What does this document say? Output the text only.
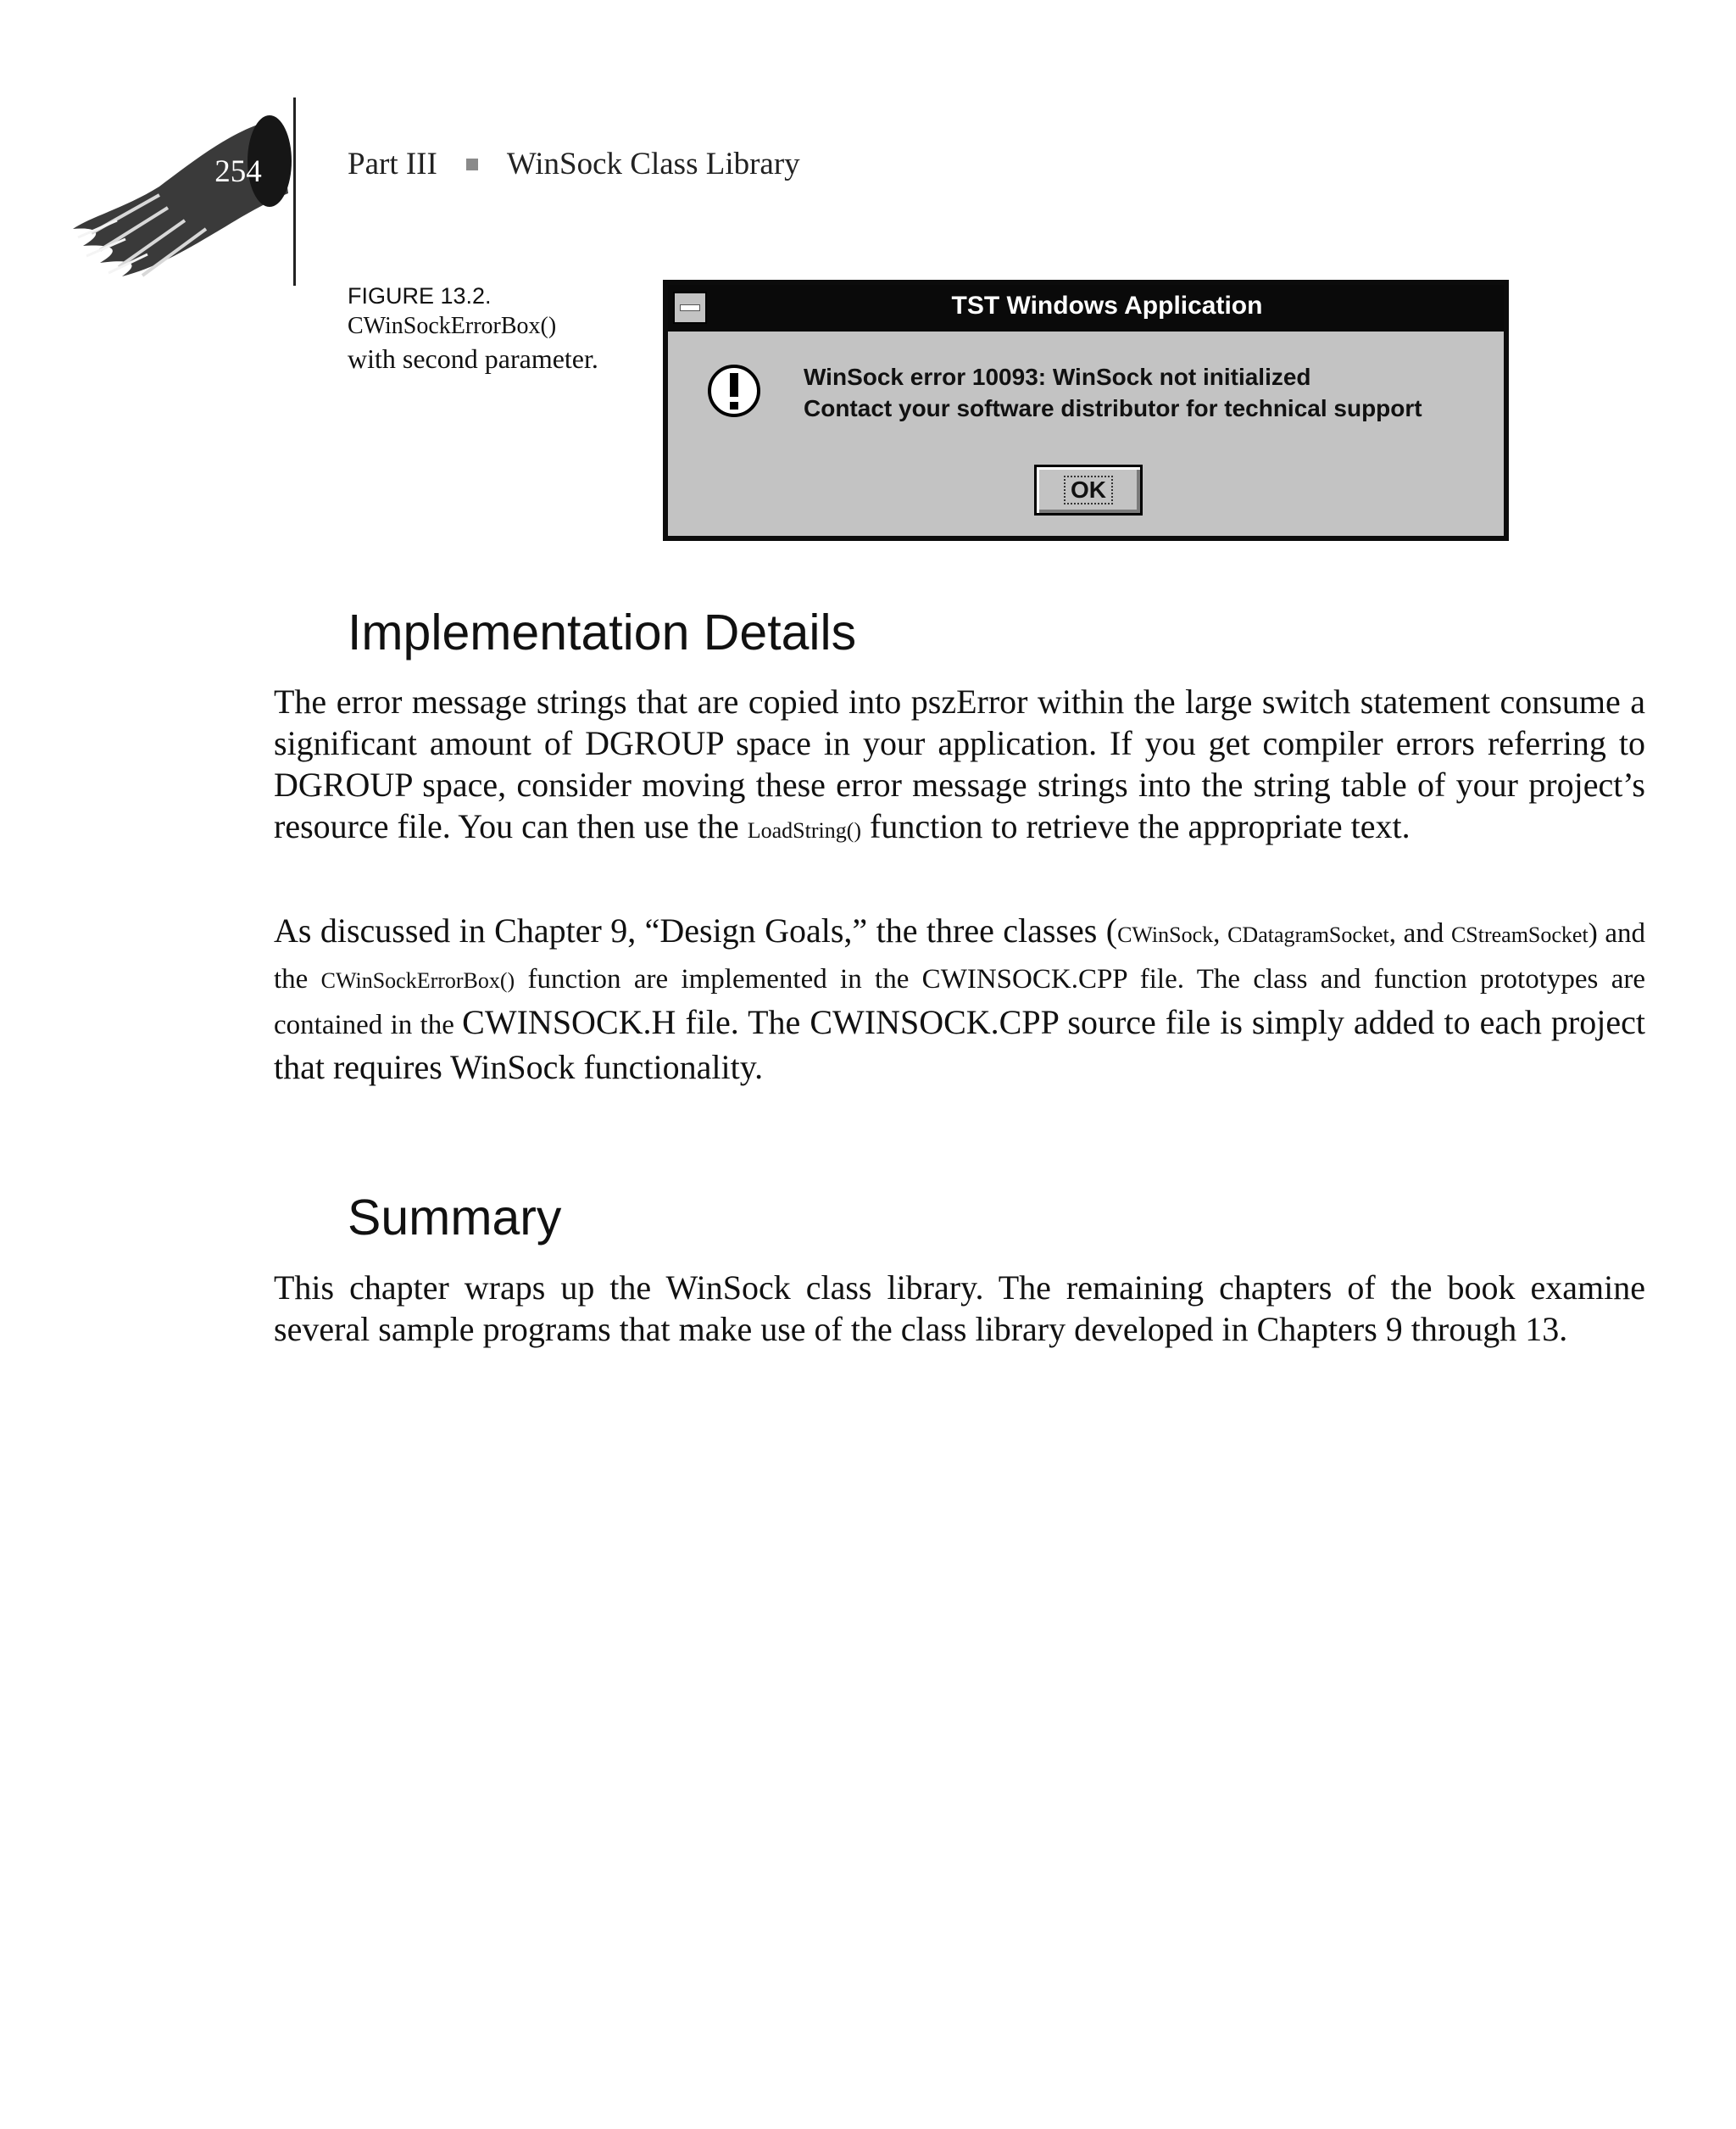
254	Part III WinSock Class Library
FIGURE 13.2.
CWinSockErrorBox()
with second parameter.
TST Windows Application
WinSock error 10093: WinSock not initialized
Contact your software distributor for technical support
OK
Implementation Details

The error message strings that are copied into pszError within the large switch statement consume a significant amount of DGROUP space in your application. If you get compiler errors referring to DGROUP space, consider moving these error message strings into the string table of your project’s resource file. You can then use the LoadString() function to retrieve the appropriate text.

As discussed in Chapter 9, “Design Goals,” the three classes (CWinSock, CDatagramSocket, and CStreamSocket) and the CWinSockErrorBox() function are implemented in the CWINSOCK.CPP file. The class and function prototypes are contained in the CWINSOCK.H file. The CWINSOCK.CPP source file is simply added to each project that requires WinSock functionality.

Summary

This chapter wraps up the WinSock class library. The remaining chapters of the book examine several sample programs that make use of the class library developed in Chapters 9 through 13.
